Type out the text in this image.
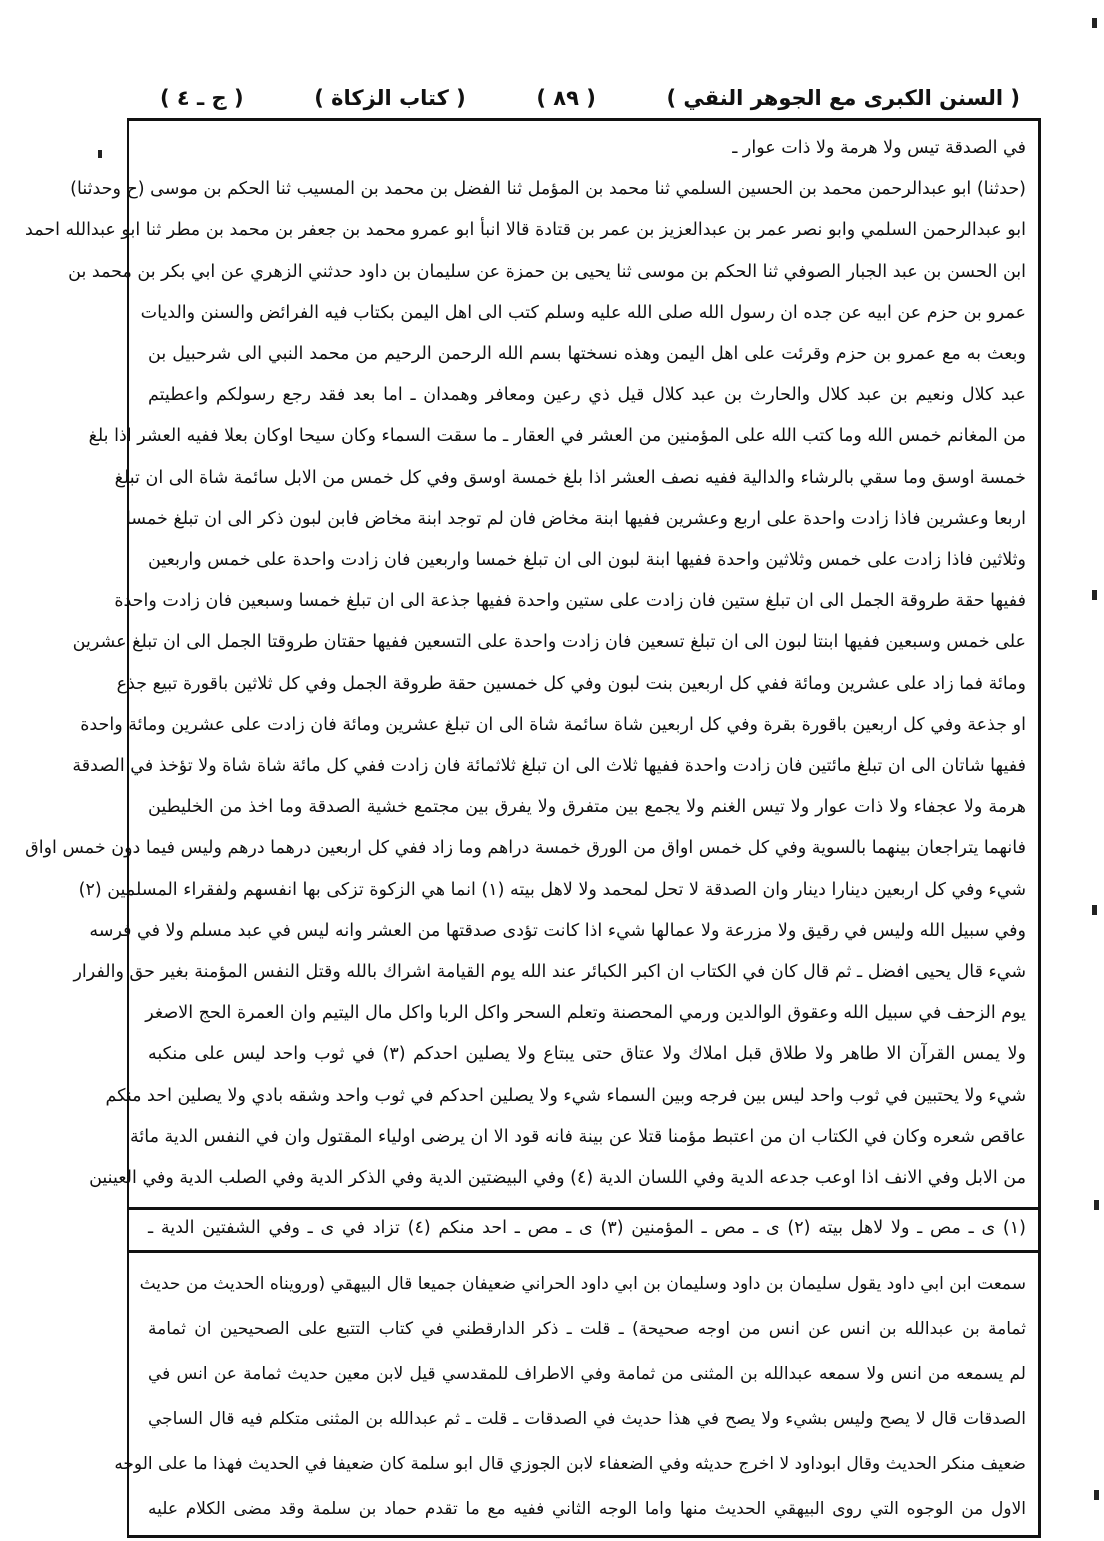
( السنن الكبرى مع الجوهر النقي )
( ٨٩ )
( كتاب الزكاة )
( ج ـ ٤ )
في الصدقة تيس ولا هرمة ولا ذات عوار ـ
(حدثنا) ابو عبدالرحمن محمد بن الحسين السلمي ثنا محمد بن المؤمل ثنا الفضل بن محمد بن المسيب ثنا الحكم بن موسى (ح وحدثنا)
ابو عبدالرحمن السلمي وابو نصر عمر بن عبدالعزيز بن عمر بن قتادة قالا انبأ ابو عمرو محمد بن جعفر بن محمد بن مطر ثنا ابو عبدالله احمد
ابن الحسن بن عبد الجبار الصوفي ثنا الحكم بن موسى ثنا يحيى بن حمزة عن سليمان بن داود حدثني الزهري عن ابي بكر بن محمد بن
عمرو بن حزم عن ابيه عن جده ان رسول الله صلى الله عليه وسلم كتب الى اهل اليمن بكتاب فيه الفرائض والسنن والديات
وبعث به مع عمرو بن حزم وقرئت على اهل اليمن وهذه نسختها بسم الله الرحمن الرحيم من محمد النبي الى شرحبيل بن
عبد كلال ونعيم بن عبد كلال والحارث بن عبد كلال قيل ذي رعين ومعافر وهمدان ـ اما بعد فقد رجع رسولكم واعطيتم
من المغانم خمس الله وما كتب الله على المؤمنين من العشر في العقار ـ ما سقت السماء وكان سيحا اوكان بعلا ففيه العشر اذا بلغ
خمسة اوسق وما سقي بالرشاء والدالية ففيه نصف العشر اذا بلغ خمسة اوسق وفي كل خمس من الابل سائمة شاة الى ان تبلغ
اربعا وعشرين فاذا زادت واحدة على اربع وعشرين ففيها ابنة مخاض فان لم توجد ابنة مخاض فابن لبون ذكر الى ان تبلغ خمسا
وثلاثين فاذا زادت على خمس وثلاثين واحدة ففيها ابنة لبون الى ان تبلغ خمسا واربعين فان زادت واحدة على خمس واربعين
ففيها حقة طروقة الجمل الى ان تبلغ ستين فان زادت على ستين واحدة ففيها جذعة الى ان تبلغ خمسا وسبعين فان زادت واحدة
على خمس وسبعين ففيها ابنتا لبون الى ان تبلغ تسعين فان زادت واحدة على التسعين ففيها حقتان طروقتا الجمل الى ان تبلغ عشرين
ومائة فما زاد على عشرين ومائة ففي كل اربعين بنت لبون وفي كل خمسين حقة طروقة الجمل وفي كل ثلاثين باقورة تبيع جذع
او جذعة وفي كل اربعين باقورة بقرة وفي كل اربعين شاة سائمة شاة الى ان تبلغ عشرين ومائة فان زادت على عشرين ومائة واحدة
ففيها شاتان الى ان تبلغ مائتين فان زادت واحدة ففيها ثلاث الى ان تبلغ ثلاثمائة فان زادت ففي كل مائة شاة شاة ولا تؤخذ في الصدقة
هرمة ولا عجفاء ولا ذات عوار ولا تيس الغنم ولا يجمع بين متفرق ولا يفرق بين مجتمع خشية الصدقة وما اخذ من الخليطين
فانهما يتراجعان بينهما بالسوية وفي كل خمس اواق من الورق خمسة دراهم وما زاد ففي كل اربعين درهما درهم وليس فيما دون خمس اواق
شيء وفي كل اربعين دينارا دينار وان الصدقة لا تحل لمحمد ولا لاهل بيته (١) انما هي الزكوة تزكى بها انفسهم ولفقراء المسلمين (٢)
وفي سبيل الله وليس في رقيق ولا مزرعة ولا عمالها شيء اذا كانت تؤدى صدقتها من العشر وانه ليس في عبد مسلم ولا في فرسه
شيء قال يحيى افضل ـ ثم قال كان في الكتاب ان اكبر الكبائر عند الله يوم القيامة اشراك بالله وقتل النفس المؤمنة بغير حق والفرار
يوم الزحف في سبيل الله وعقوق الوالدين ورمي المحصنة وتعلم السحر واكل الربا واكل مال اليتيم وان العمرة الحج الاصغر
ولا يمس القرآن الا طاهر ولا طلاق قبل املاك ولا عتاق حتى يبتاع ولا يصلين احدكم (٣) في ثوب واحد ليس على منكبه
شيء ولا يحتبين في ثوب واحد ليس بين فرجه وبين السماء شيء ولا يصلين احدكم في ثوب واحد وشقه بادي ولا يصلين احد منكم
عاقص شعره وكان في الكتاب ان من اعتبط مؤمنا قتلا عن بينة فانه قود الا ان يرضى اولياء المقتول وان في النفس الدية مائة
من الابل وفي الانف اذا اوعب جدعه الدية وفي اللسان الدية (٤) وفي البيضتين الدية وفي الذكر الدية وفي الصلب الدية وفي العينين
(١) ى ـ مص ـ ولا لاهل بيته (٢) ى ـ مص ـ المؤمنين (٣) ى ـ مص ـ احد منكم (٤) تزاد في ى ـ وفي الشفتين الدية ـ
سمعت ابن ابي داود يقول سليمان بن داود وسليمان بن ابي داود الحراني ضعيفان جميعا قال البيهقي (ورويناه الحديث من حديث
ثمامة بن عبدالله بن انس عن انس من اوجه صحيحة) ـ قلت ـ ذكر الدارقطني في كتاب التتبع على الصحيحين ان ثمامة
لم يسمعه من انس ولا سمعه عبدالله بن المثنى من ثمامة وفي الاطراف للمقدسي قيل لابن معين حديث ثمامة عن انس في
الصدقات قال لا يصح وليس بشيء ولا يصح في هذا حديث في الصدقات ـ قلت ـ ثم عبدالله بن المثنى متكلم فيه قال الساجي
ضعيف منكر الحديث وقال ابوداود لا اخرج حديثه وفي الضعفاء لابن الجوزي قال ابو سلمة كان ضعيفا في الحديث فهذا ما على الوجه
الاول من الوجوه التي روى البيهقي الحديث منها واما الوجه الثاني ففيه مع ما تقدم حماد بن سلمة وقد مضى الكلام عليه
